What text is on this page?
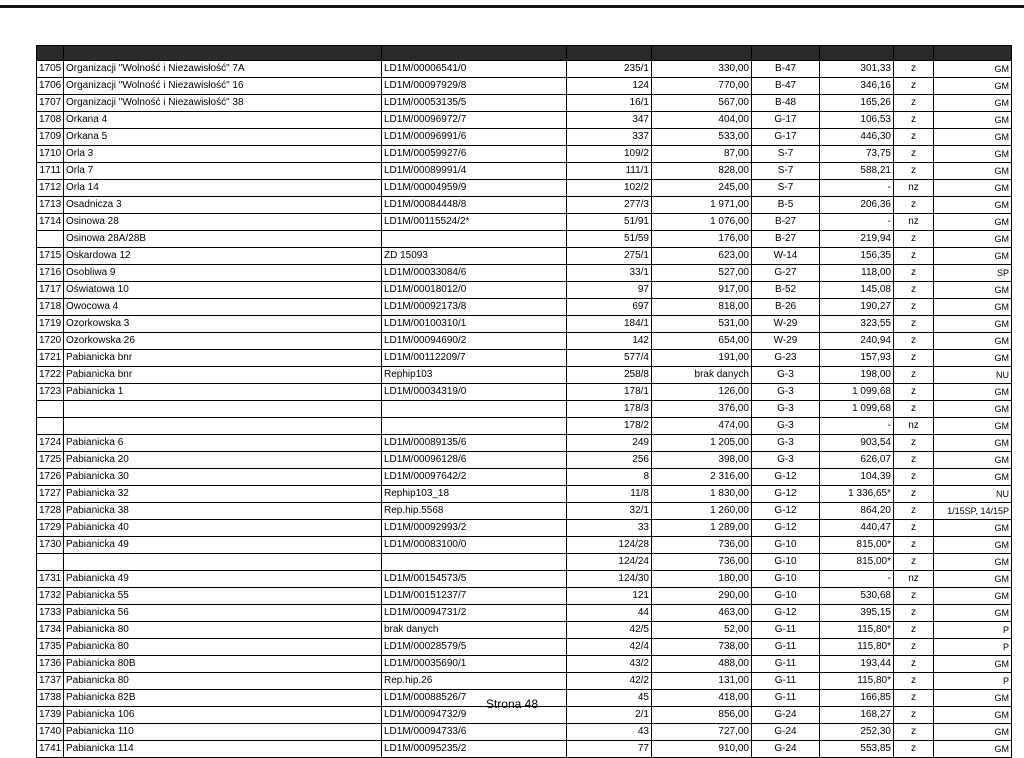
1705	Organizacji "Wolność i Niezawisłość" 7A	LD1M/00006541/0	235/1	330,00	B-47	301,33	z	GM
1706	Organizacji "Wolność i Niezawisłość" 16	LD1M/00097929/8	124	770,00	B-47	346,16	z	GM
1707	Organizacji "Wolność i Niezawisłość" 38	LD1M/00053135/5	16/1	567,00	B-48	165,26	z	GM
1708	Orkana 4	LD1M/00096972/7	347	404,00	G-17	106,53	z	GM
1709	Orkana 5	LD1M/00096991/6	337	533,00	G-17	446,30	z	GM
1710	Orla 3	LD1M/00059927/6	109/2	87,00	S-7	73,75	z	GM
1711	Orla 7	LD1M/00089991/4	111/1	828,00	S-7	588,21	z	GM
1712	Orla 14	LD1M/00004959/9	102/2	245,00	S-7	-	nz	GM
1713	Osadnicza 3	LD1M/00084448/8	277/3	1 971,00	B-5	206,36	z	GM
1714	Osinowa 28	LD1M/00115524/2*	51/91	1 076,00	B-27	-	nz	GM
	Osinowa 28A/28B		51/59	176,00	B-27	219,94	z	GM
1715	Oskardowa 12	ZD 15093	275/1	623,00	W-14	156,35	z	GM
1716	Osobliwa 9	LD1M/00033084/6	33/1	527,00	G-27	118,00	z	SP
1717	Oświatowa 10	LD1M/00018012/0	97	917,00	B-52	145,08	z	GM
1718	Owocowa 4	LD1M/00092173/8	697	818,00	B-26	190,27	z	GM
1719	Ozorkowska 3	LD1M/00100310/1	184/1	531,00	W-29	323,55	z	GM
1720	Ozorkowska 26	LD1M/00094690/2	142	654,00	W-29	240,94	z	GM
1721	Pabianicka bnr	LD1M/00112209/7	577/4	191,00	G-23	157,93	z	GM
1722	Pabianicka bnr	Rephip103	258/8	brak danych	G-3	198,00	z	NU
1723	Pabianicka 1	LD1M/00034319/0	178/1	126,00	G-3	1 099,68	z	GM
			178/3	376,00	G-3	1 099,68	z	GM
			178/2	474,00	G-3	-	nz	GM
1724	Pabianicka 6	LD1M/00089135/6	249	1 205,00	G-3	903,54	z	GM
1725	Pabianicka 20	LD1M/00096128/6	256	398,00	G-3	626,07	z	GM
1726	Pabianicka 30	LD1M/00097642/2	8	2 316,00	G-12	104,39	z	GM
1727	Pabianicka 32	Rephip103_18	11/8	1 830,00	G-12	1 336,65*	z	NU
1728	Pabianicka 38	Rep.hip.5568	32/1	1 260,00	G-12	864,20	z	1/15SP, 14/15P
1729	Pabianicka 40	LD1M/00092993/2	33	1 289,00	G-12	440,47	z	GM
1730	Pabianicka 49	LD1M/00083100/0	124/28	736,00	G-10	815,00*	z	GM
			124/24	736,00	G-10	815,00*	z	GM
1731	Pabianicka 49	LD1M/00154573/5	124/30	180,00	G-10	-	nz	GM
1732	Pabianicka 55	LD1M/00151237/7	121	290,00	G-10	530,68	z	GM
1733	Pabianicka 56	LD1M/00094731/2	44	463,00	G-12	395,15	z	GM
1734	Pabianicka 80	brak danych	42/5	52,00	G-11	115,80*	z	P
1735	Pabianicka 80	LD1M/00028579/5	42/4	738,00	G-11	115,80*	z	P
1736	Pabianicka 80B	LD1M/00035690/1	43/2	488,00	G-11	193,44	z	GM
1737	Pabianicka 80	Rep.hip.26	42/2	131,00	G-11	115,80*	z	P
1738	Pabianicka 82B	LD1M/00088526/7	45	418,00	G-11	166,85	z	GM
1739	Pabianicka 106	LD1M/00094732/9	2/1	856,00	G-24	168,27	z	GM
1740	Pabianicka 110	LD1M/00094733/6	43	727,00	G-24	252,30	z	GM
1741	Pabianicka 114	LD1M/00095235/2	77	910,00	G-24	553,85	z	GM
Strona 48
